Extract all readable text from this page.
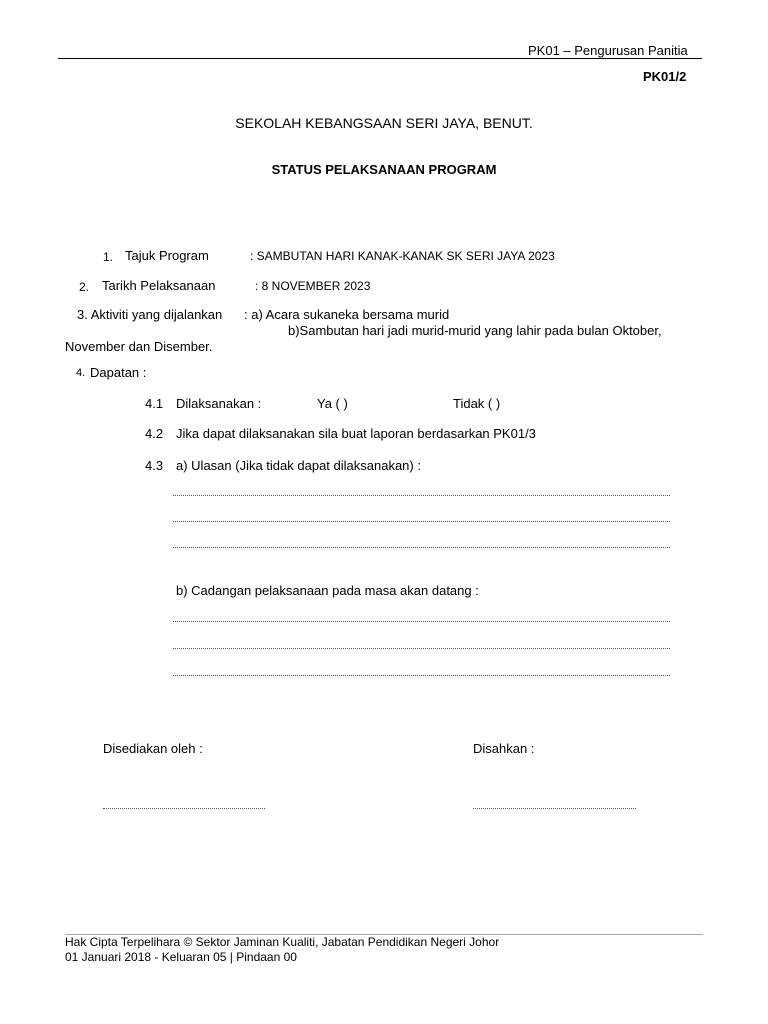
PK01 – Pengurusan Panitia
PK01/2
SEKOLAH KEBANGSAAN SERI JAYA, BENUT.
STATUS PELAKSANAAN PROGRAM
1. Tajuk Program	: SAMBUTAN HARI KANAK-KANAK SK SERI JAYA 2023
2. Tarikh Pelaksanaan	: 8 NOVEMBER 2023
3. Aktiviti yang dijalankan : a) Acara sukaneka bersama murid
b)Sambutan hari jadi murid-murid yang lahir pada bulan Oktober,
November dan Disember.
4. Dapatan :
4.1 Dilaksanakan :	Ya ( )	Tidak ( )
4.2 Jika dapat dilaksanakan sila buat laporan berdasarkan PK01/3
4.3 a) Ulasan (Jika tidak dapat dilaksanakan) :
b) Cadangan pelaksanaan pada masa akan datang :
Disediakan oleh :	Disahkan :
Hak Cipta Terpelihara © Sektor Jaminan Kualiti, Jabatan Pendidikan Negeri Johor
01 Januari 2018 - Keluaran 05 | Pindaan 00
